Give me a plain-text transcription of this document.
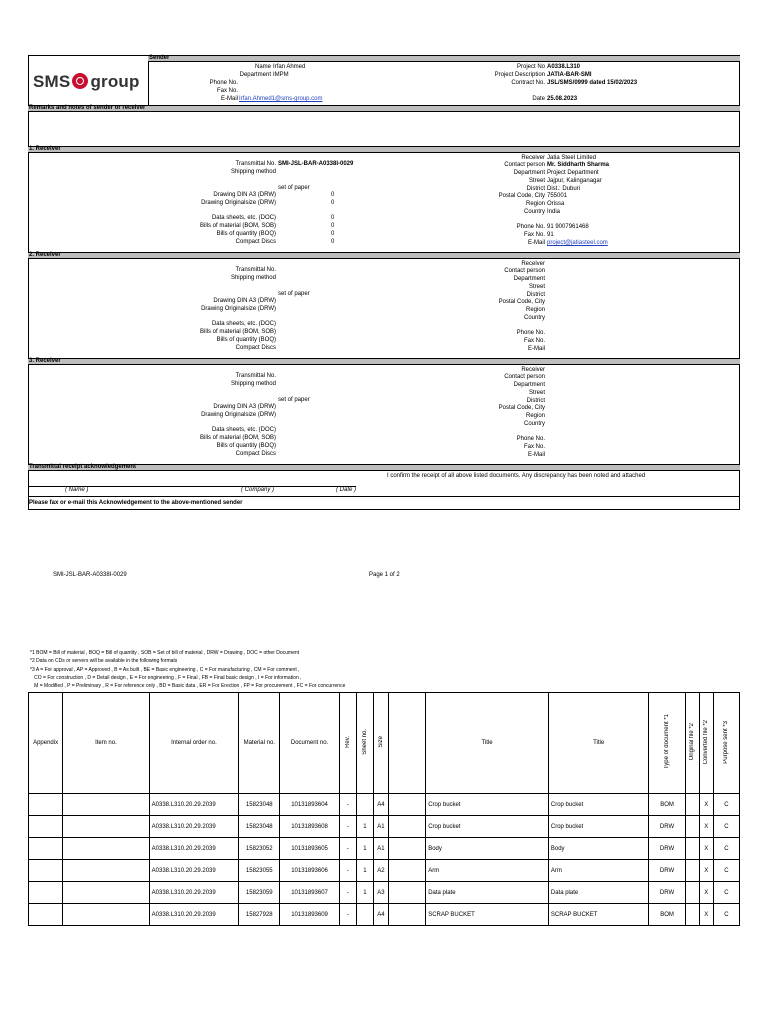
SMS group
Sender
Name Irfan Ahmed
Department IMPM
Phone No.
Fax No.
E-Mail Irfan.Ahmed1@sms-group.com
Project No A0338.L310
Project Description JATIA-BAR-SMI
Contract No. JSL/SMS/0999 dated 15/02/2023
Date 25.08.2023
Remarks and notes of sender or receiver
1. Receiver
Transmittal No. SMI-JSL-BAR-A0338I-0029
Shipping method
set of paper
Drawing DIN A3 (DRW)	0
Drawing Originalsize (DRW)	0
Data sheets, etc. (DOC)	0
Bills of material (BOM, SOB)	0
Bills of quantity (BOQ)	0
Compact Discs	0
Receiver Jatia Steel Limited
Contact person Mr. Siddharth Sharma
Department Project Department
Street Jajpur, Kalinganagar
District Dist.: Duburi
Postal Code, City 755001
Region Orissa
Country India
Phone No. 91 9007961468
Fax No. 91
E-Mail project@jatiasteel.com
2. Receiver
Transmittal No.
Shipping method
set of paper
Drawing DIN A3 (DRW)
Drawing Originalsize (DRW)
Data sheets, etc. (DOC)
Bills of material (BOM, SOB)
Bills of quantity (BOQ)
Compact Discs
Receiver
Contact person
Department
Street
District
Postal Code, City
Region
Country
Phone No.
Fax No.
E-Mail
3. Receiver
Transmittal No.
Shipping method
set of paper
Drawing DIN A3 (DRW)
Drawing Originalsize (DRW)
Data sheets, etc. (DOC)
Bills of material (BOM, SOB)
Bills of quantity (BOQ)
Compact Discs
Receiver
Contact person
Department
Street
District
Postal Code, City
Region
Country
Phone No.
Fax No.
E-Mail
Transmittal receipt acknowledgement
I confirm the receipt of all above listed documents. Any discrepancy has been noted and attached
( Name )	( Company )	( Date )
Please fax or e-mail this Acknowledgement to the above-mentioned sender
SMI-JSL-BAR-A0338I-0029	Page 1 of 2
*1 BOM = Bill of material , BOQ = Bill of quantity , SOB = Set of bill of material , DRW = Drawing , DOC = other Document
*2 Data on CDs or servers will be available in the following formats
*3 A = For approval , AP = Approved , B = As built , BE = Basic engineering , C = For manufacturing , CM = For comment ,
CO = For construction , D = Detail design , E = For engineering , F = Final , FB = Final basic design , I = For information ,
M = Modified , P = Preliminary , R = For reference only , BD = Basic data , ER = For Erection , FP = For procurement , FC = For concurrence
Appendix	Item no.	Internal order no.	Material no.	Document no.	Rev.	Sheet no.	Size		Title	Title	Type of document *1	Original file *2	Converted file *2	Purpose sent *3
		A0338.L310.20.29.2039	15823048	10131893604	-		A4		Crop bucket	Crop bucket	BOM		X	C
		A0338.L310.20.29.2039	15823048	10131893608	-	1	A1		Crop bucket	Crop bucket	DRW		X	C
		A0338.L310.20.29.2039	15823052	10131893605	-	1	A1		Body	Body	DRW		X	C
		A0338.L310.20.29.2039	15823055	10131893606	-	1	A2		Arm	Arm	DRW		X	C
		A0338.L310.20.29.2039	15823059	10131893607	-	1	A3		Data plate	Data plate	DRW		X	C
		A0338.L310.20.29.2039	15827928	10131893609	-		A4		SCRAP BUCKET	SCRAP BUCKET	BOM		X	C
